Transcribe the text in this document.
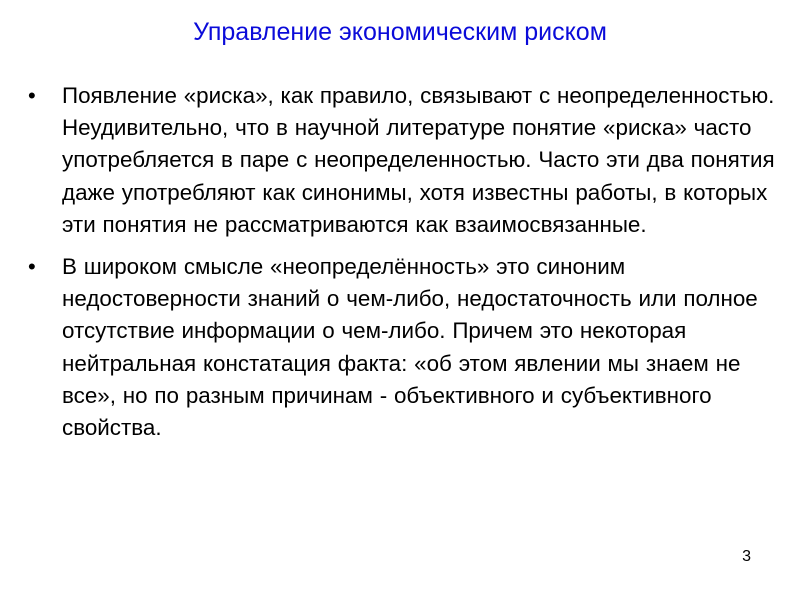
Управление экономическим риском
•	Появление «риска», как правило, связывают с неопределенностью. Неудивительно, что в научной литературе понятие «риска» часто употребляется в паре с неопределенностью. Часто эти два понятия даже употребляют как синонимы, хотя известны работы, в которых эти понятия не рассматриваются как взаимосвязанные.
•	В широком смысле «неопределённость» это синоним недостоверности знаний о чем-либо, недостаточность или полное отсутствие информации о чем-либо. Причем это некоторая нейтральная констатация факта: «об этом явлении мы знаем не все», но по разным причинам - объективного и субъективного свойства.
3
